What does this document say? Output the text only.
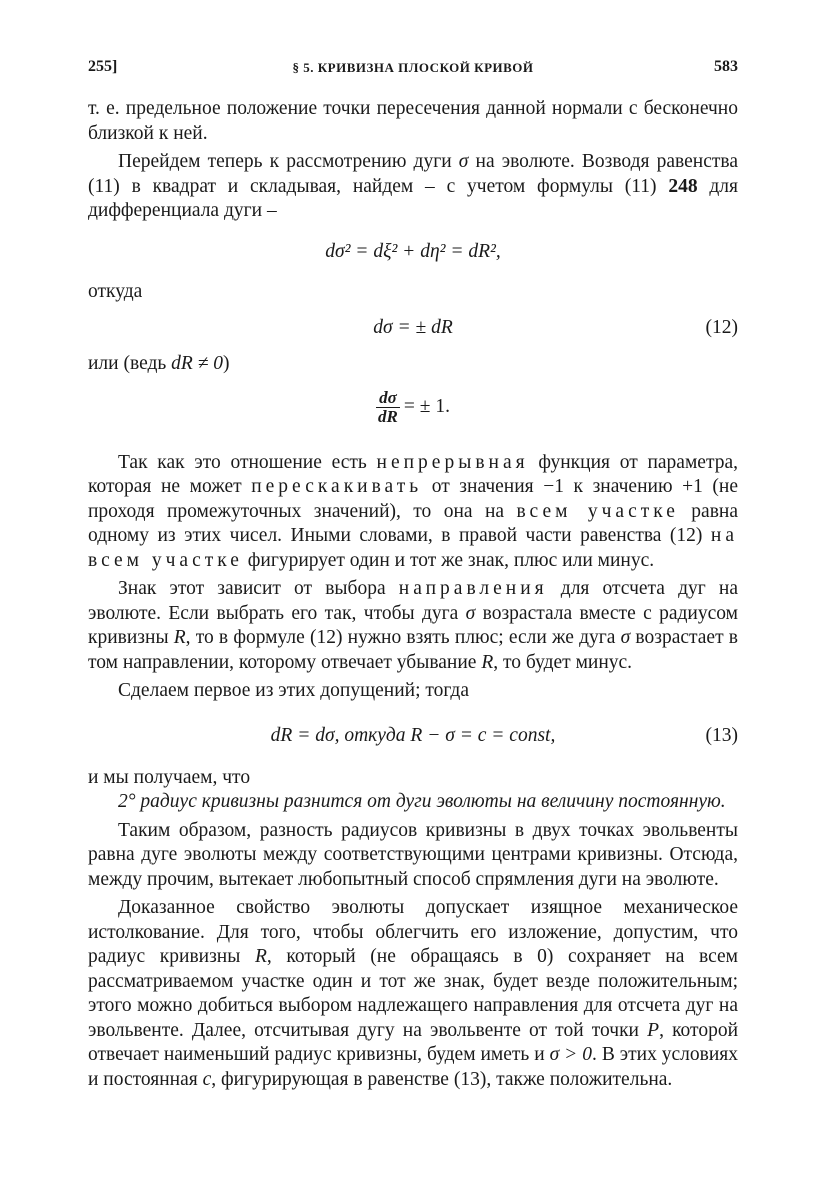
255]	§ 5. КРИВИЗНА ПЛОСКОЙ КРИВОЙ	583

т. е. предельное положение точки пересечения данной нормали с бесконечно близкой к ней.

Перейдем теперь к рассмотрению дуги σ на эволюте. Возводя равенства (11) в квадрат и складывая, найдем – с учетом формулы (11) 248 для дифференциала дуги –

dσ² = dξ² + dη² = dR²,

откуда

dσ = ± dR	(12)

или (ведь dR ≠ 0)

$\frac{d\sigma}{dR}$ = ± 1.

Так как это отношение есть непрерывная функция от параметра, которая не может перескакивать от значения −1 к значению +1 (не проходя промежуточных значений), то она на всем участке равна одному из этих чисел. Иными словами, в правой части равенства (12) на всем участке фигурирует один и тот же знак, плюс или минус.

Знак этот зависит от выбора направления для отсчета дуг на эволюте. Если выбрать его так, чтобы дуга σ возрастала вместе с радиусом кривизны R, то в формуле (12) нужно взять плюс; если же дуга σ возрастает в том направлении, которому отвечает убывание R, то будет минус.

Сделаем первое из этих допущений; тогда

dR = dσ, откуда R − σ = c = const,	(13)

и мы получаем, что

2° радиус кривизны разнится от дуги эволюты на величину постоянную.

Таким образом, разность радиусов кривизны в двух точках эвольвенты равна дуге эволюты между соответствующими центрами кривизны. Отсюда, между прочим, вытекает любопытный способ спрямления дуги на эволюте.

Доказанное свойство эволюты допускает изящное механическое истолкование. Для того, чтобы облегчить его изложение, допустим, что радиус кривизны R, который (не обращаясь в 0) сохраняет на всем рассматриваемом участке один и тот же знак, будет везде положительным; этого можно добиться выбором надлежащего направления для отсчета дуг на эвольвенте. Далее, отсчитывая дугу на эвольвенте от той точки P, которой отвечает наименьший радиус кривизны, будем иметь и σ > 0. В этих условиях и постоянная c, фигурирующая в равенстве (13), также положительна.
